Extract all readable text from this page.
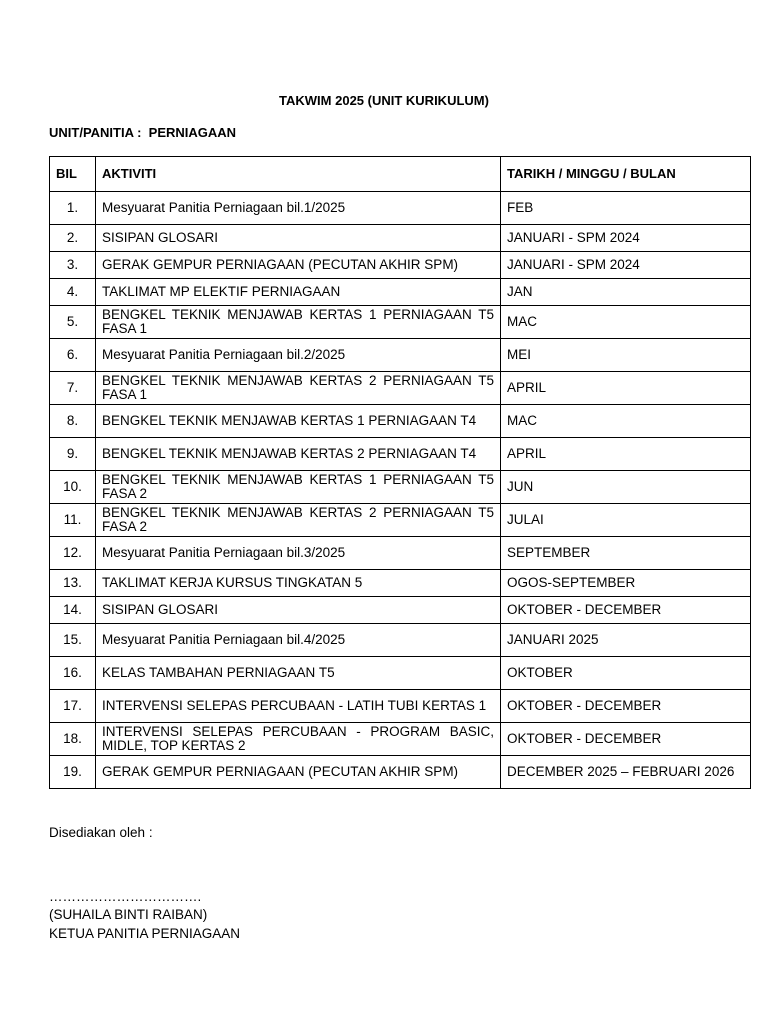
TAKWIM 2025 (UNIT KURIKULUM)
UNIT/PANITIA :  PERNIAGAAN
BIL	AKTIVITI	TARIKH / MINGGU / BULAN
1.	Mesyuarat Panitia Perniagaan bil.1/2025	FEB
2.	SISIPAN GLOSARI	JANUARI - SPM 2024
3.	GERAK GEMPUR PERNIAGAAN (PECUTAN AKHIR SPM)	JANUARI - SPM 2024
4.	TAKLIMAT MP ELEKTIF PERNIAGAAN	JAN
5.	BENGKEL TEKNIK MENJAWAB KERTAS 1 PERNIAGAAN T5 FASA 1	MAC
6.	Mesyuarat Panitia Perniagaan bil.2/2025	MEI
7.	BENGKEL TEKNIK MENJAWAB KERTAS 2 PERNIAGAAN T5 FASA 1	APRIL
8.	BENGKEL TEKNIK MENJAWAB KERTAS 1 PERNIAGAAN T4	MAC
9.	BENGKEL TEKNIK MENJAWAB KERTAS 2 PERNIAGAAN T4	APRIL
10.	BENGKEL TEKNIK MENJAWAB KERTAS 1 PERNIAGAAN T5 FASA 2	JUN
11.	BENGKEL TEKNIK MENJAWAB KERTAS 2 PERNIAGAAN T5 FASA 2	JULAI
12.	Mesyuarat Panitia Perniagaan bil.3/2025	SEPTEMBER
13.	TAKLIMAT KERJA KURSUS TINGKATAN 5	OGOS-SEPTEMBER
14.	SISIPAN GLOSARI	OKTOBER - DECEMBER
15.	Mesyuarat Panitia Perniagaan bil.4/2025	JANUARI 2025
16.	KELAS TAMBAHAN PERNIAGAAN T5	OKTOBER
17.	INTERVENSI SELEPAS PERCUBAAN - LATIH TUBI KERTAS 1	OKTOBER - DECEMBER
18.	INTERVENSI SELEPAS PERCUBAAN - PROGRAM BASIC, MIDLE, TOP KERTAS 2	OKTOBER - DECEMBER
19.	GERAK GEMPUR PERNIAGAAN (PECUTAN AKHIR SPM)	DECEMBER 2025 – FEBRUARI 2026
Disediakan oleh :
…………………………….
(SUHAILA BINTI RAIBAN)
KETUA PANITIA PERNIAGAAN
